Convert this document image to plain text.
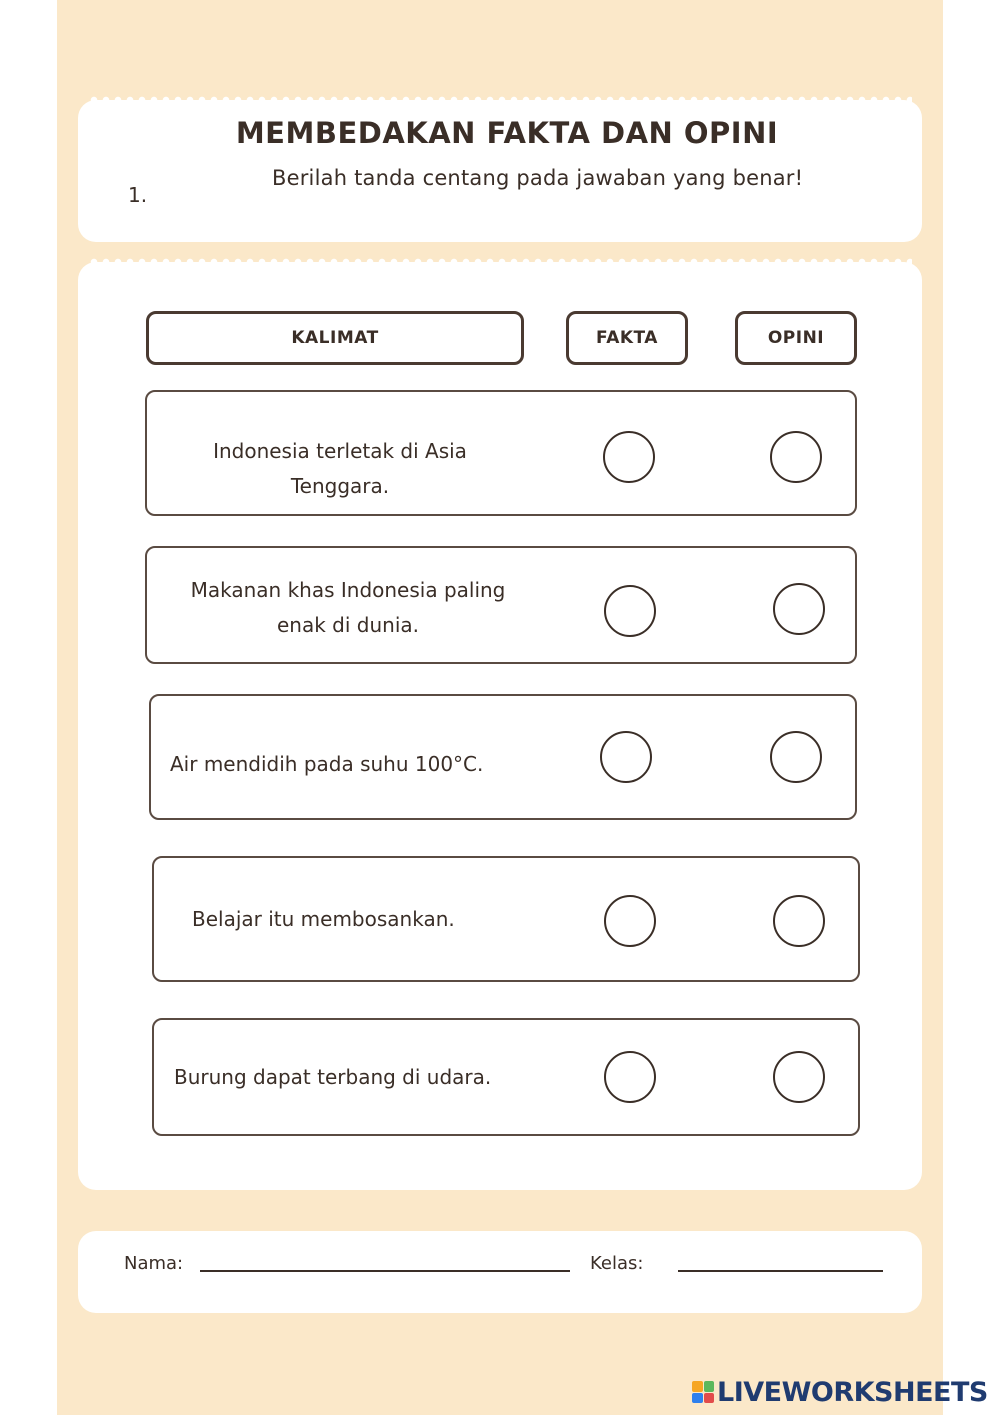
MEMBEDAKAN FAKTA DAN OPINI
1.
Berilah tanda centang pada jawaban yang benar!
KALIMAT	FAKTA	OPINI
Indonesia terletak di Asia
Tenggara.
Makanan khas Indonesia paling
enak di dunia.
Air mendidih pada suhu 100°C.
Belajar itu membosankan.
Burung dapat terbang di udara.
Nama:	Kelas:
LIVEWORKSHEETS
